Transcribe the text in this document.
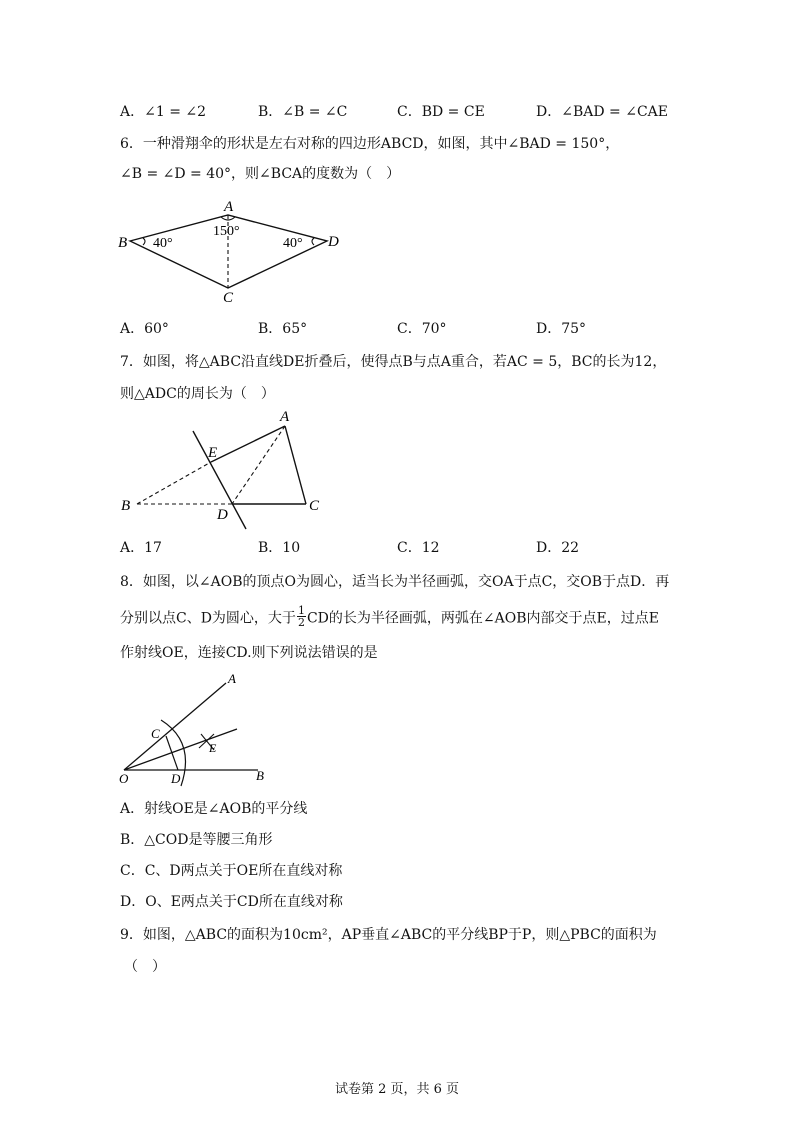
A．∠1 = ∠2	B．∠B = ∠C	C．BD = CE	D．∠BAD = ∠CAE
6．一种滑翔伞的形状是左右对称的四边形ABCD，如图，其中∠BAD = 150°，
∠B = ∠D = 40°，则∠BCA的度数为（　）
A
B
C
D
40°
150°
40°
A．60°	B．65°	C．70°	D．75°
7．如图，将△ABC沿直线DE折叠后，使得点B与点A重合，若AC = 5，BC的长为12，
则△ADC的周长为（　）
A
B	C
D
E
A．17	B．10	C．12	D．22
8．如图，以∠AOB的顶点O为圆心，适当长为半径画弧，交OA于点C，交OB于点D．再
分别以点C、D为圆心，大于 $\frac{1}{2}$ CD的长为半径画弧，两弧在∠AOB内部交于点E，过点E
作射线OE，连接CD.则下列说法错误的是
A
B
C
D
E
O
A．射线OE是∠AOB的平分线
B．△COD是等腰三角形
C．C、D两点关于OE所在直线对称
D．O、E两点关于CD所在直线对称
9．如图，△ABC的面积为10cm²，AP垂直∠ABC的平分线BP于P，则△PBC的面积为
（　）
试卷第 2 页，共 6 页
